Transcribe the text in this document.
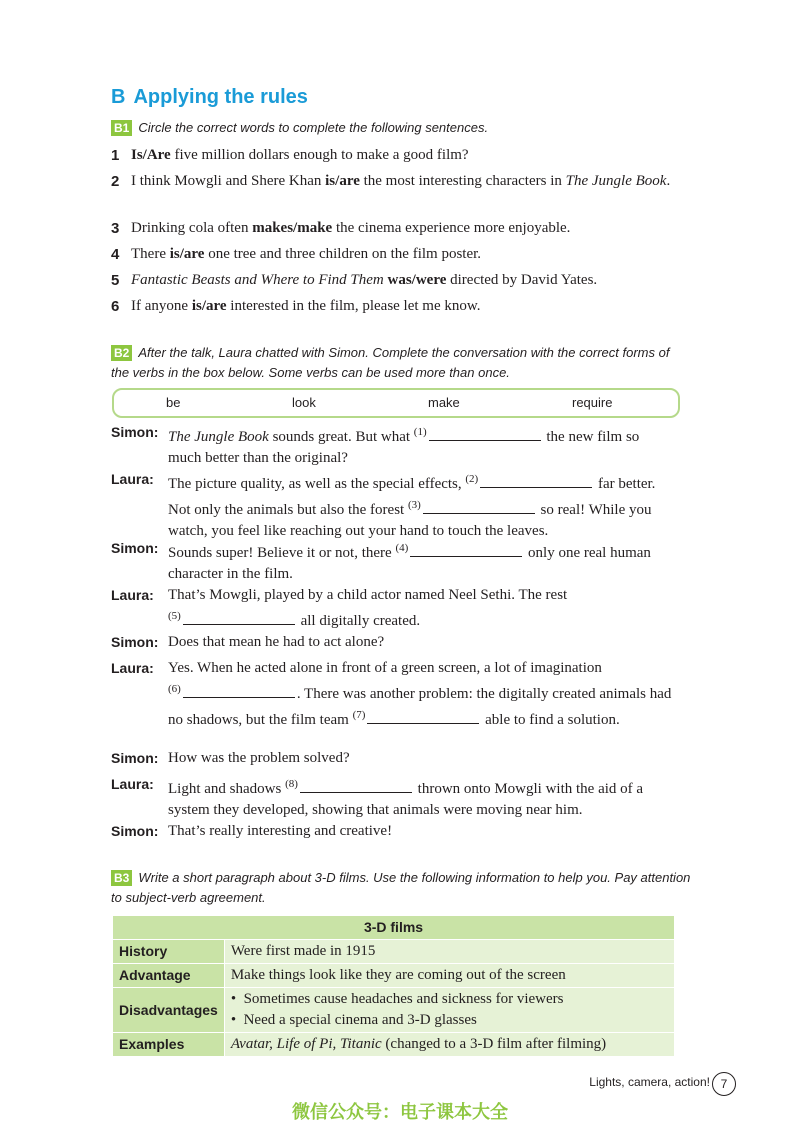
B Applying the rules
B1 Circle the correct words to complete the following sentences.
1 Is/Are five million dollars enough to make a good film?
2 I think Mowgli and Shere Khan is/are the most interesting characters in The Jungle Book.
3 Drinking cola often makes/make the cinema experience more enjoyable.
4 There is/are one tree and three children on the film poster.
5 Fantastic Beasts and Where to Find Them was/were directed by David Yates.
6 If anyone is/are interested in the film, please let me know.
B2 After the talk, Laura chatted with Simon. Complete the conversation with the correct forms of the verbs in the box below. Some verbs can be used more than once.
be	look	make	require
Simon: The Jungle Book sounds great. But what $^{(1)}$	the new film so much better than the original?
Laura: The picture quality, as well as the special effects, $^{(2)}$	far better. Not only the animals but also the forest $^{(3)}$	so real! While you watch, you feel like reaching out your hand to touch the leaves.
Simon: Sounds super! Believe it or not, there $^{(4)}$	only one real human character in the film.
Laura: That’s Mowgli, played by a child actor named Neel Sethi. The rest
$^{(5)}$	all digitally created.
Simon: Does that mean he had to act alone?
Laura: Yes. When he acted alone in front of a green screen, a lot of imagination
$^{(6)}$	. There was another problem: the digitally created animals had no shadows, but the film team $^{(7)}$	able to find a solution.
Simon: How was the problem solved?
Laura: Light and shadows $^{(8)}$	thrown onto Mowgli with the aid of a system they developed, showing that animals were moving near him.
Simon: That’s really interesting and creative!
B3 Write a short paragraph about 3-D films. Use the following information to help you. Pay attention to subject-verb agreement.
3-D films	
History	Were first made in 1915
Advantage	Make things look like they are coming out of the screen
Disadvantages	•  Sometimes cause headaches and sickness for viewers
•  Need a special cinema and 3-D glasses

Examples	Avatar, Life of Pi, Titanic (changed to a 3-D film after filming)
Lights, camera, action! 7
微信公众号：电子课本大全
